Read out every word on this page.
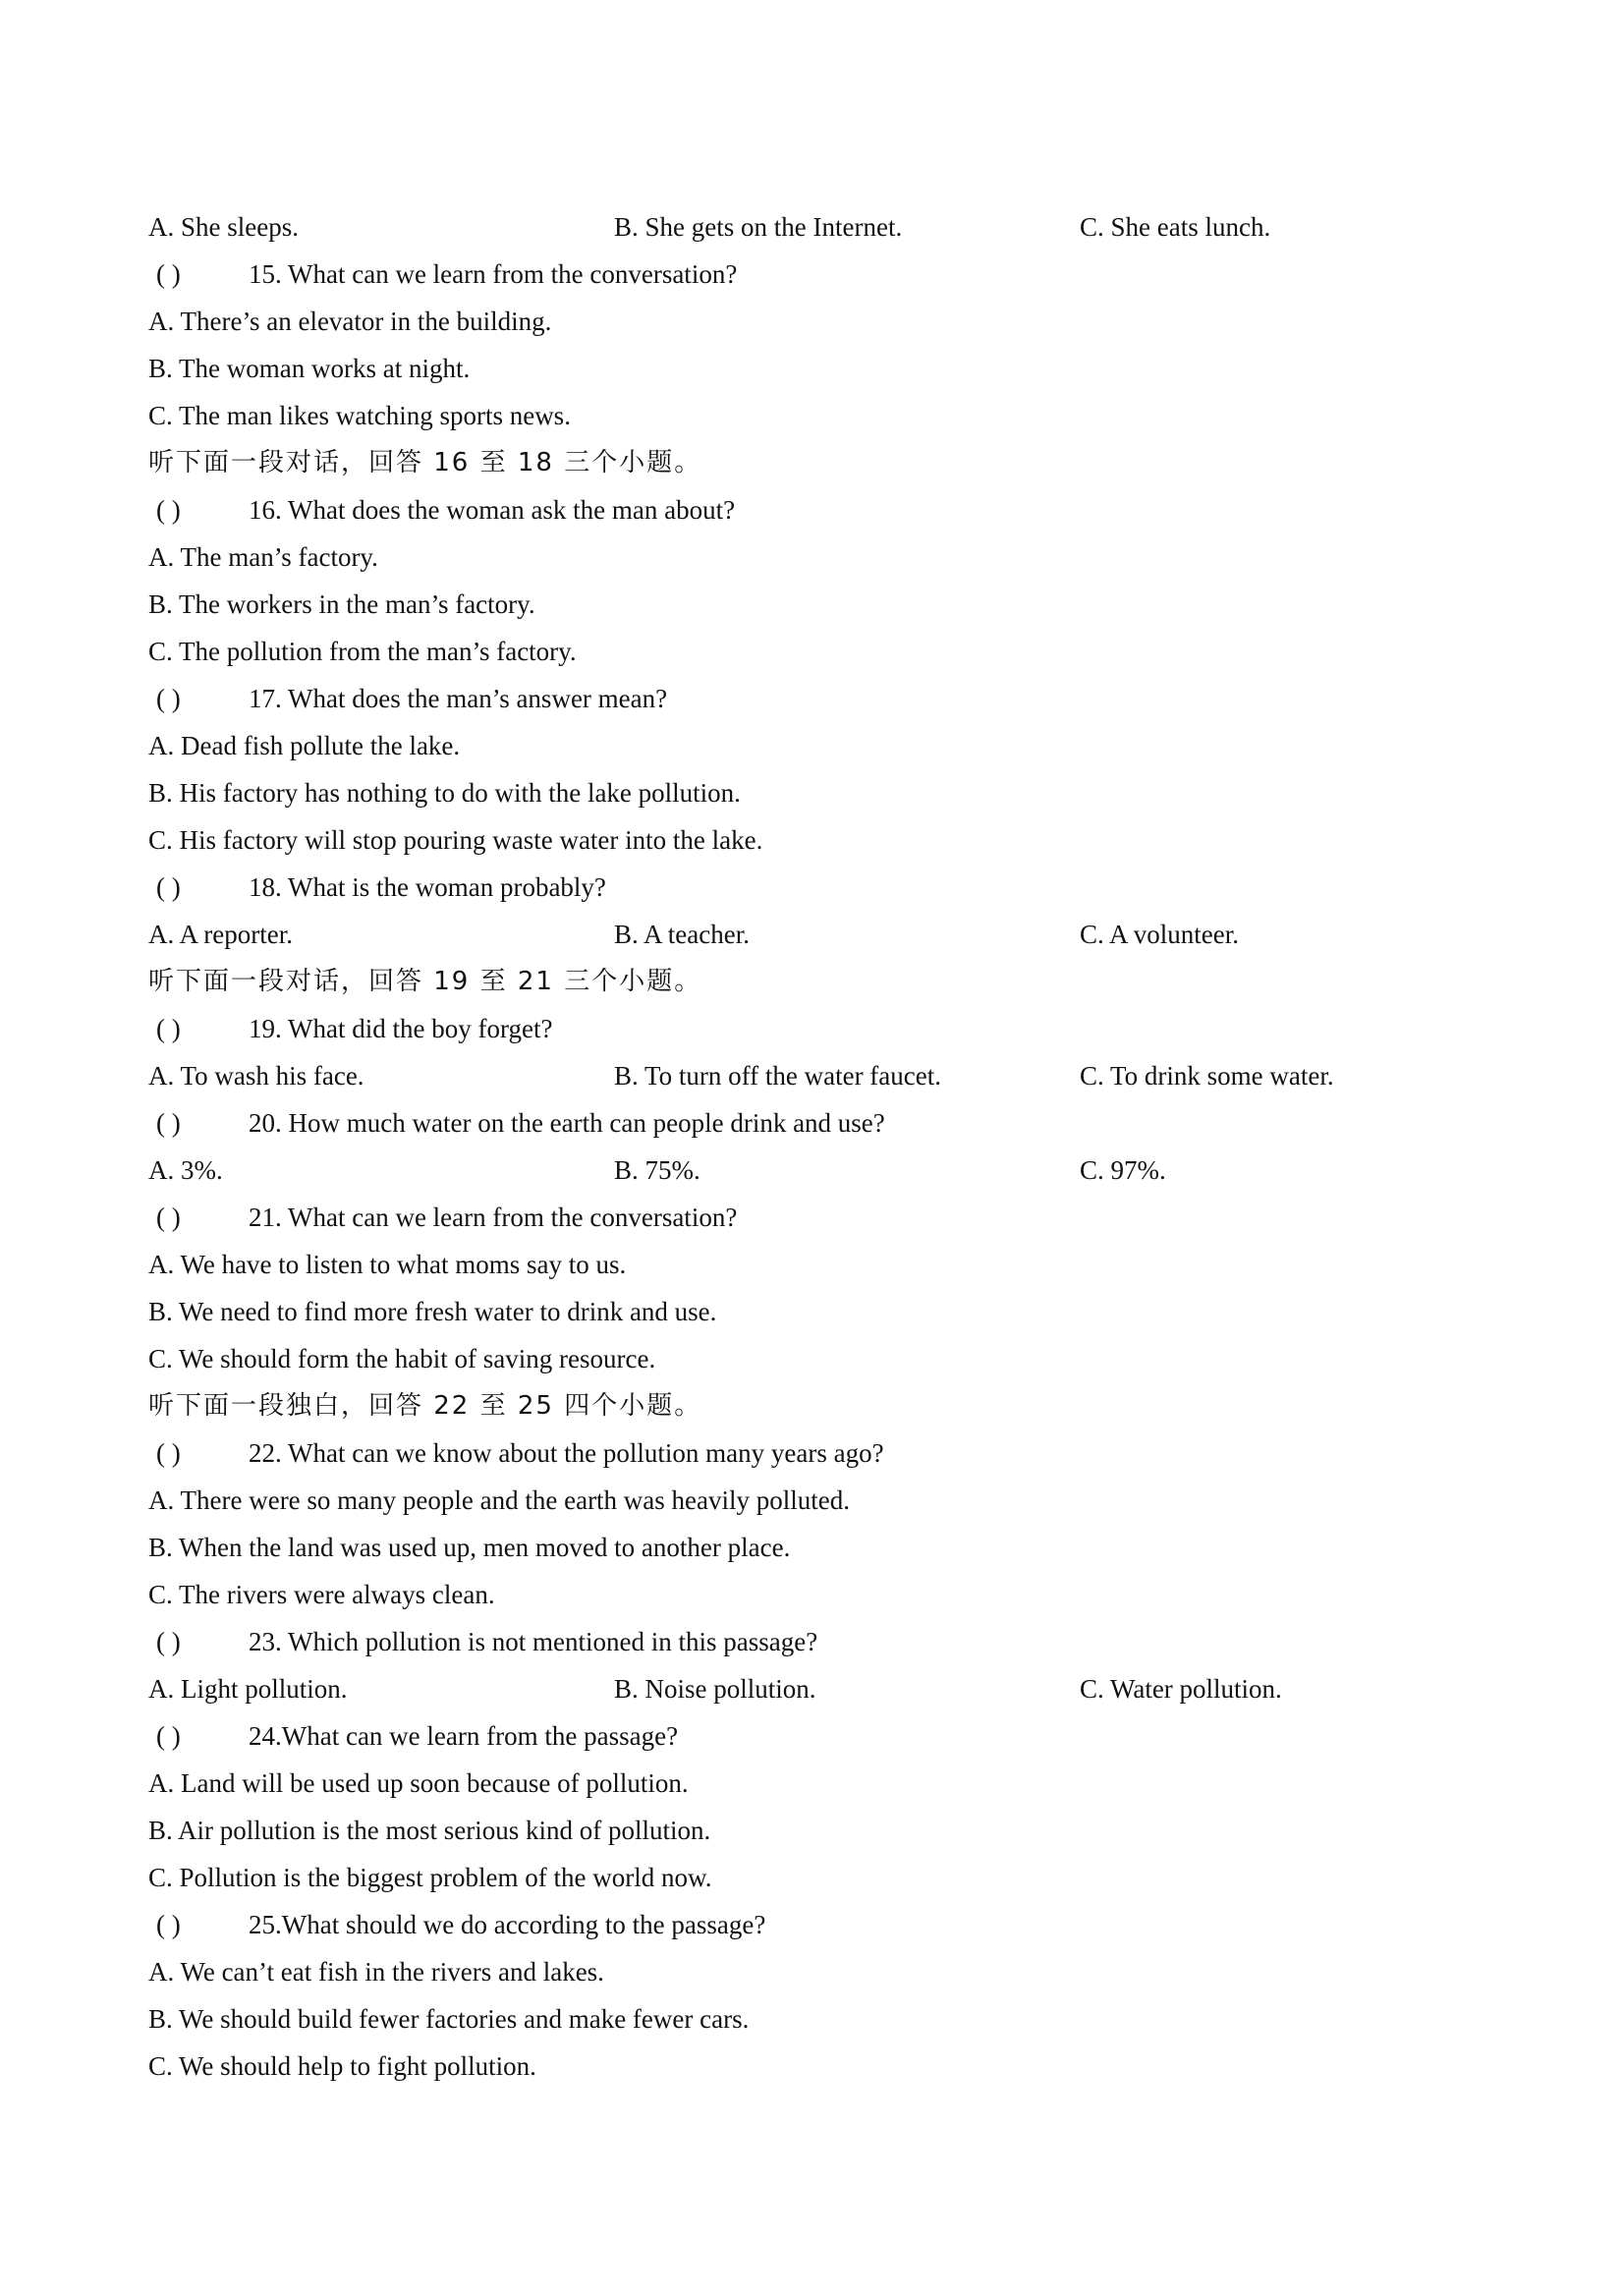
A. She sleeps.	B. She gets on the Internet.	C. She eats lunch.
( )	15. What can we learn from the conversation?
A. There’s an elevator in the building.
B. The woman works at night.
C. The man likes watching sports news.
听下面一段对话，回答 16 至 18 三个小题。
( )	16. What does the woman ask the man about?
A. The man’s factory.
B. The workers in the man’s factory.
C. The pollution from the man’s factory.
( )	17. What does the man’s answer mean?
A. Dead fish pollute the lake.
B. His factory has nothing to do with the lake pollution.
C. His factory will stop pouring waste water into the lake.
( )	18. What is the woman probably?
A. A reporter.	B. A teacher.	C. A volunteer.
听下面一段对话，回答 19 至 21 三个小题。
( )	19. What did the boy forget?
A. To wash his face.	B. To turn off the water faucet.	C. To drink some water.
( )	20. How much water on the earth can people drink and use?
A. 3%.	B. 75%.	C. 97%.
( )	21. What can we learn from the conversation?
A. We have to listen to what moms say to us.
B. We need to find more fresh water to drink and use.
C. We should form the habit of saving resource.
听下面一段独白，回答 22 至 25 四个小题。
( )	22. What can we know about the pollution many years ago?
A. There were so many people and the earth was heavily polluted.
B. When the land was used up, men moved to another place.
C. The rivers were always clean.
( )	23. Which pollution is not mentioned in this passage?
A. Light pollution.	B. Noise pollution.	C. Water pollution.
( )	24.What can we learn from the passage?
A. Land will be used up soon because of pollution.
B. Air pollution is the most serious kind of pollution.
C. Pollution is the biggest problem of the world now.
( )	25.What should we do according to the passage?
A. We can’t eat fish in the rivers and lakes.
B. We should build fewer factories and make fewer cars.
C. We should help to fight pollution.
